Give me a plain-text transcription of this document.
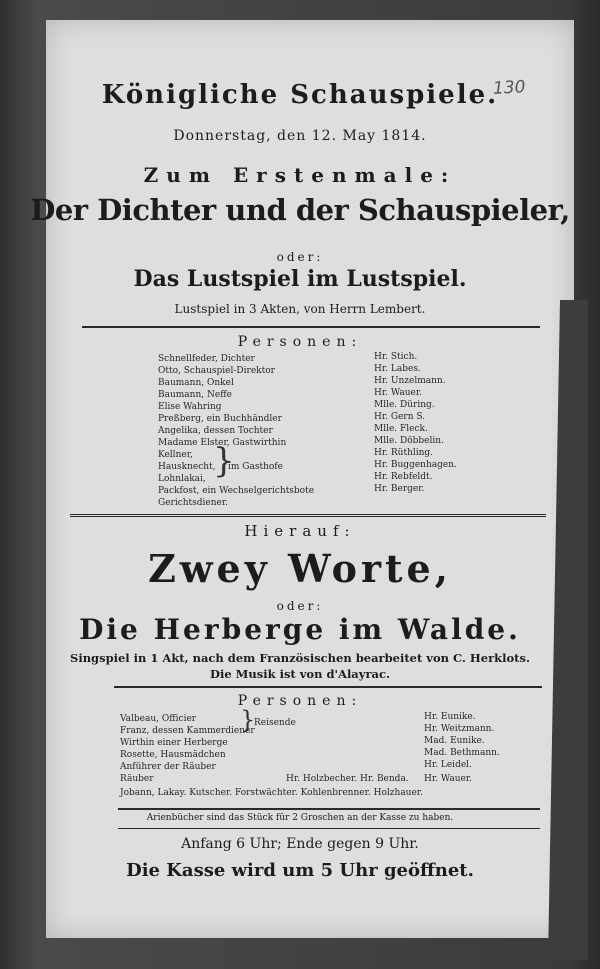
130
Königliche Schauspiele.
Donnerstag, den 12. May 1814.
Zum Erstenmale:
Der Dichter und der Schauspieler,
oder:
Das Lustspiel im Lustspiel.
Lustspiel in 3 Akten, von Herrn Lembert.
Personen:
Schnellfeder, Dichter
Otto, Schauspiel-Direktor
Baumann, Onkel
Baumann, Neffe
Elise Wahring
Preßberg, ein Buchhändler
Angelika, dessen Tochter
Madame Elster, Gastwirthin
Kellner,
Hausknecht,
Lohnlakai,
Packfost, ein Wechselgerichtsbote
Gerichtsdiener.
}
im Gasthofe
Hr. Stich.
Hr. Labes.
Hr. Unzelmann.
Hr. Wauer.
Mlle. Düring.
Hr. Gern S.
Mlle. Fleck.
Mlle. Döbbelin.
Hr. Rüthling.
Hr. Buggenhagen.
Hr. Rebfeldt.
Hr. Berger.
Hierauf:
Zwey Worte,
oder:
Die Herberge im Walde.
Singspiel in 1 Akt, nach dem Französischen bearbeitet von C. Herklots.
Die Musik ist von d'Alayrac.
Personen:
Valbeau, Officier
Franz, dessen Kammerdiener
Wirthin einer Herberge
Rosette, Hausmädchen
Anführer der Räuber
Räuber
Jobann, Lakay. Kutscher. Forstwächter. Kohlenbrenner. Holzhauer.
}
Reisende
Hr. Holzbecher. Hr. Benda.
Hr. Eunike.
Hr. Weitzmann.
Mad. Eunike.
Mad. Bethmann.
Hr. Leidel.
Hr. Wauer.
Arienbücher sind das Stück für 2 Groschen an der Kasse zu haben.
Anfang 6 Uhr; Ende gegen 9 Uhr.
Die Kasse wird um 5 Uhr geöffnet.
